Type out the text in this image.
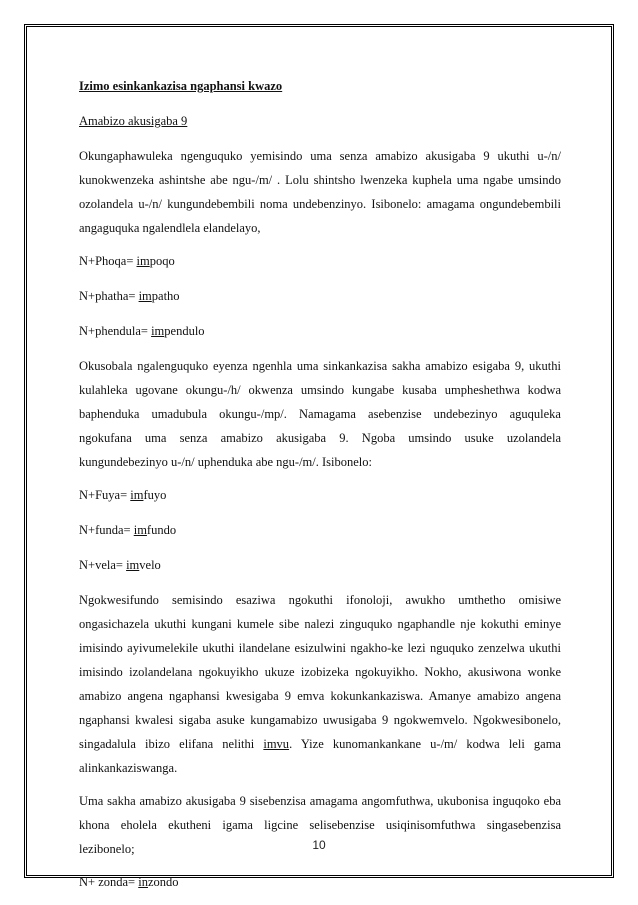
Izimo esinkankazisa ngaphansi kwazo
Amabizo akusigaba 9

Okungaphawuleka ngenguquko yemisindo uma senza amabizo akusigaba 9 ukuthi u-/n/ kunokwenzeka ashintshe abe ngu-/m/ . Lolu shintsho lwenzeka kuphela uma ngabe umsindo ozolandela u-/n/ kungundebembili noma undebenzinyo. Isibonelo: amagama ongundebembili angaguquka ngalendlela elandelayo,

N+Phoqa= impoqo
N+phatha= impatho
N+phendula= impendulo

Okusobala ngalenguquko eyenza ngenhla uma sinkankazisa sakha amabizo esigaba 9, ukuthi kulahleka ugovane okungu-/h/ okwenza umsindo kungabe kusaba umpheshethwa kodwa baphenduka umadubula okungu-/mp/. Namagama asebenzise undebezinyo aguquleka ngokufana uma senza amabizo akusigaba 9. Ngoba umsindo usuke uzolandela kungundebezinyo u-/n/ uphenduka abe ngu-/m/. Isibonelo:

N+Fuya= imfuyo
N+funda= imfundo
N+vela= imvelo

Ngokwesifundo semisindo esaziwa ngokuthi ifonoloji, awukho umthetho omisiwe ongasichazela ukuthi kungani kumele sibe nalezi zinguquko ngaphandle nje kokuthi eminye imisindo ayivumelekile ukuthi ilandelane esizulwini ngakho-ke lezi nguquko zenzelwa ukuthi imisindo izolandelana ngokuyikho ukuze izobizeka ngokuyikho. Nokho, akusiwona wonke amabizo angena ngaphansi kwesigaba 9 emva kokunkankaziswa. Amanye amabizo angena ngaphansi kwalesi sigaba asuke kungamabizo uwusigaba 9 ngokwemvelo. Ngokwesibonelo, singadalula ibizo elifana nelithi imvu. Yize kunomankankane u-/m/ kodwa leli gama alinkankaziswanga.

Uma sakha amabizo akusigaba 9 sisebenzisa amagama angomfuthwa, ukubonisa inguqoko eba khona eholela ekutheni igama ligcine selisebenzise usiqinisomfuthwa singasebenzisa lezibonelo;

N+ zonda= inzondo
10
